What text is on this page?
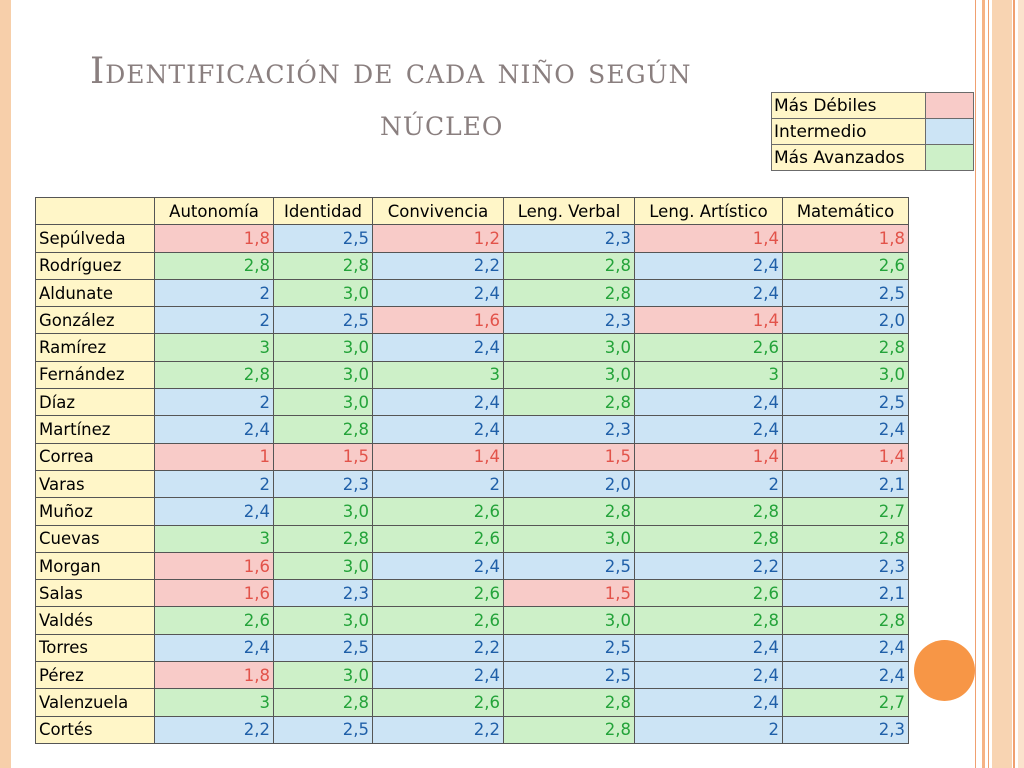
Identificación de cada niño según
núcleo	Más Débiles	
Intermedio	
Más Avanzados	
	Autonomía	Identidad	Convivencia	Leng. Verbal	Leng. Artístico	Matemático
Sepúlveda	1,8	2,5	1,2	2,3	1,4	1,8
Rodríguez	2,8	2,8	2,2	2,8	2,4	2,6
Aldunate	2	3,0	2,4	2,8	2,4	2,5
González	2	2,5	1,6	2,3	1,4	2,0
Ramírez	3	3,0	2,4	3,0	2,6	2,8
Fernández	2,8	3,0	3	3,0	3	3,0
Díaz	2	3,0	2,4	2,8	2,4	2,5
Martínez	2,4	2,8	2,4	2,3	2,4	2,4
Correa	1	1,5	1,4	1,5	1,4	1,4
Varas	2	2,3	2	2,0	2	2,1
Muñoz	2,4	3,0	2,6	2,8	2,8	2,7
Cuevas	3	2,8	2,6	3,0	2,8	2,8
Morgan	1,6	3,0	2,4	2,5	2,2	2,3
Salas	1,6	2,3	2,6	1,5	2,6	2,1
Valdés	2,6	3,0	2,6	3,0	2,8	2,8
Torres	2,4	2,5	2,2	2,5	2,4	2,4
Pérez	1,8	3,0	2,4	2,5	2,4	2,4
Valenzuela	3	2,8	2,6	2,8	2,4	2,7
Cortés	2,2	2,5	2,2	2,8	2	2,3
